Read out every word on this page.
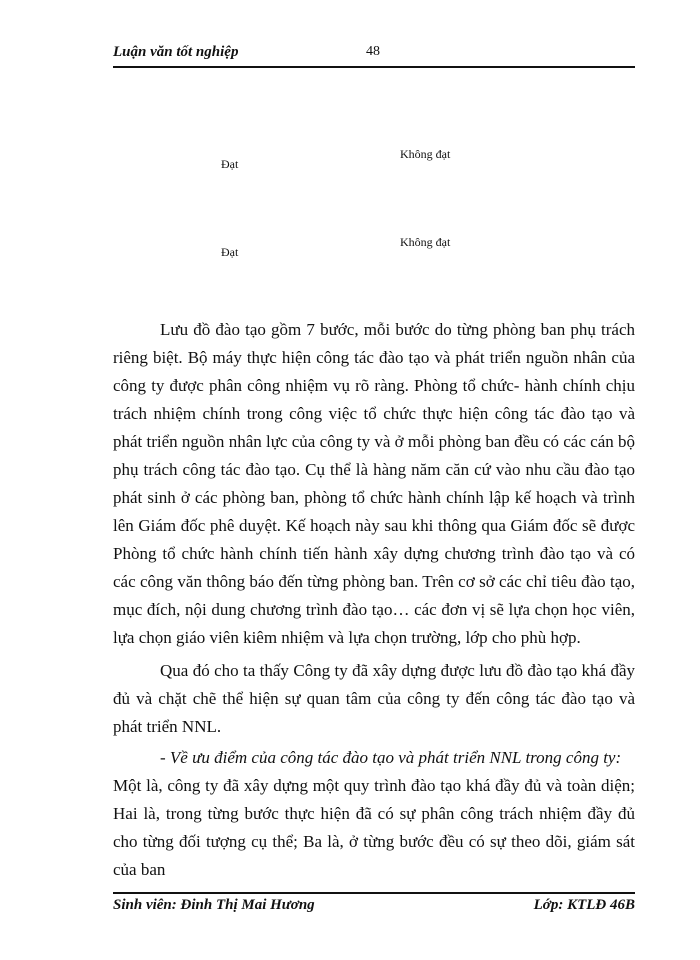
Luận văn tốt nghiệp	48
Đạt
Không đạt
Đạt
Không đạt

Lưu đồ đào tạo gồm 7 bước, mỗi bước do từng phòng ban phụ trách riêng biệt. Bộ máy thực hiện công tác đào tạo và phát triển nguồn nhân của công ty được phân công nhiệm vụ rõ ràng. Phòng tổ chức- hành chính chịu trách nhiệm chính trong công việc tổ chức thực hiện công tác đào tạo và phát triển nguồn nhân lực của công ty và ở mỗi phòng ban đều có các cán bộ phụ trách công tác đào tạo. Cụ thể là hàng năm căn cứ vào nhu cầu đào tạo phát sinh ở các phòng ban, phòng tổ chức hành chính lập kế hoạch và trình lên Giám đốc phê duyệt. Kế hoạch này sau khi thông qua Giám đốc sẽ được Phòng tổ chức hành chính tiến hành xây dựng chương trình đào tạo và có các công văn thông báo đến từng phòng ban. Trên cơ sở các chỉ tiêu đào tạo, mục đích, nội dung chương trình đào tạo… các đơn vị sẽ lựa chọn học viên, lựa chọn giáo viên kiêm nhiệm và lựa chọn trường, lớp cho phù hợp.

Qua đó cho ta thấy Công ty đã xây dựng được lưu đồ đào tạo khá đầy đủ và chặt chẽ thể hiện sự quan tâm của công ty đến công tác đào tạo và phát triển NNL.

- Về ưu điểm của công tác đào tạo và phát triển NNL trong công ty:

Một là, công ty đã xây dựng một quy trình đào tạo khá đầy đủ và toàn diện; Hai là, trong từng bước thực hiện đã có sự phân công trách nhiệm đầy đủ cho từng đối tượng cụ thể; Ba là, ở từng bước đều có sự theo dõi, giám sát của ban

Sinh viên: Đinh Thị Mai Hương	Lớp: KTLĐ 46B
